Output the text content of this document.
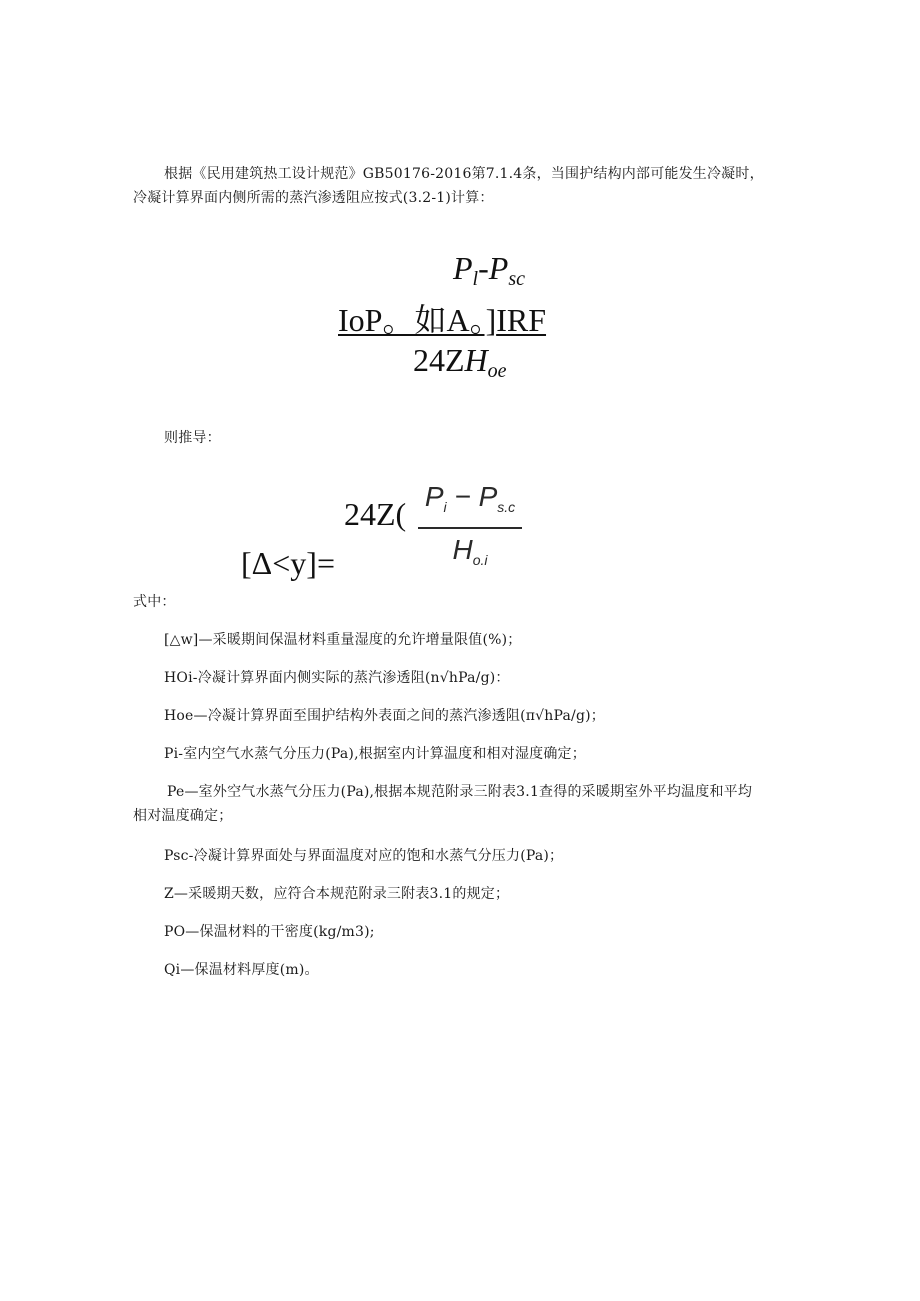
根据《民用建筑热工设计规范》GB50176-2016第7.1.4条，当围护结构内部可能发生冷凝时，
冷凝计算界面内侧所需的蒸汽渗透阻应按式(3.2-1)计算：
$P_l-P_{sc}$
IoP。如A。]IRF
$24ZH_{oe}$
则推导：
24Z( $P_i - P_{s.c}$
$H_{o.i}$
[Δ<y]=
式中：
[△w]—采暖期间保温材料重量湿度的允许增量限值(%)；
HOi-冷凝计算界面内侧实际的蒸汽渗透阻(n√hPa/g)：
Hoe—冷凝计算界面至围护结构外表面之间的蒸汽渗透阻(π√hPa/g)；
Pi-室内空气水蒸气分压力(Pa),根据室内计算温度和相对湿度确定；
Pe—室外空气水蒸气分压力(Pa),根据本规范附录三附表3.1查得的采暖期室外平均温度和平均
相对温度确定；
Psc-冷凝计算界面处与界面温度对应的饱和水蒸气分压力(Pa)；
Z—采暖期天数，应符合本规范附录三附表3.1的规定；
PO—保温材料的干密度(kg∕m3);
Qi—保温材料厚度(m)。
